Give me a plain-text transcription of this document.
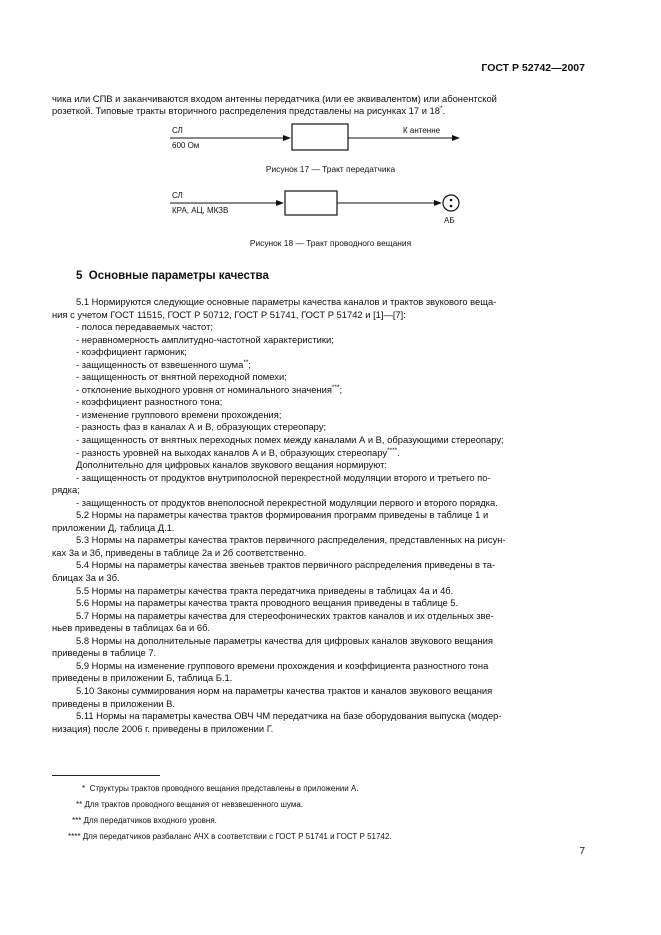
ГОСТ Р 52742—2007

чика или СПВ и заканчиваются входом антенны передатчика (или ее эквивалентом) или абонентской
розеткой. Типовые тракты вторичного распределения представлены на рисунках 17 и 18*.

СЛ
600 Ом
К антенне
Рисунок 17 — Тракт передатчика
СЛ
КРА, АЦ, МКЗВ
АБ
Рисунок 18 — Тракт проводного вещания
5 Основные параметры качества
5.1 Нормируются следующие основные параметры качества каналов и трактов звукового веща-
ния с учетом ГОСТ 11515, ГОСТ Р 50712, ГОСТ Р 51741, ГОСТ Р 51742 и [1]—[7]:
- полоса передаваемых частот;
- неравномерность амплитудно-частотной характеристики;
- коэффициент гармоник;
- защищенность от взвешенного шума**;
- защищенность от внятной переходной помехи;
- отклонение выходного уровня от номинального значения***;
- коэффициент разностного тона;
- изменение группового времени прохождения;
- разность фаз в каналах А и В, образующих стереопару;
- защищенность от внятных переходных помех между каналами А и В, образующими стереопару;
- разность уровней на выходах каналов А и В, образующих стереопару****.
Дополнительно для цифровых каналов звукового вещания нормируют:
- защищенность от продуктов внутриполосной перекрестной модуляции второго и третьего по-
рядка;
- защищенность от продуктов внеполосной перекрестной модуляции первого и второго порядка.
5.2 Нормы на параметры качества трактов формирования программ приведены в таблице 1 и
приложении Д, таблица Д.1.
5.3 Нормы на параметры качества трактов первичного распределения, представленных на рисун-
ках 3а и 3б, приведены в таблице 2а и 2б соответственно.
5.4 Нормы на параметры качества звеньев трактов первичного распределения приведены в та-
блицах 3а и 3б.
5.5 Нормы на параметры качества тракта передатчика приведены в таблицах 4а и 4б.
5.6 Нормы на параметры качества тракта проводного вещания приведены в таблице 5.
5.7 Нормы на параметры качества для стереофонических трактов каналов и их отдельных зве-
ньев приведены в таблицах 6а и 6б.
5.8 Нормы на дополнительные параметры качества для цифровых каналов звукового вещания
приведены в таблице 7.
5.9 Нормы на изменение группового времени прохождения и коэффициента разностного тона
приведены в приложении Б, таблица Б.1.
5.10 Законы суммирования норм на параметры качества трактов и каналов звукового вещания
приведены в приложении В.
5.11 Нормы на параметры качества ОВЧ ЧМ передатчика на базе оборудования выпуска (модер-
низация) после 2006 г. приведены в приложении Г.
* Структуры трактов проводного вещания представлены в приложении А.
** Для трактов проводного вещания от невзвешенного шума.
*** Для передатчиков входного уровня.
**** Для передатчиков разбаланс АЧХ в соответствии с ГОСТ Р 51741 и ГОСТ Р 51742.
7
